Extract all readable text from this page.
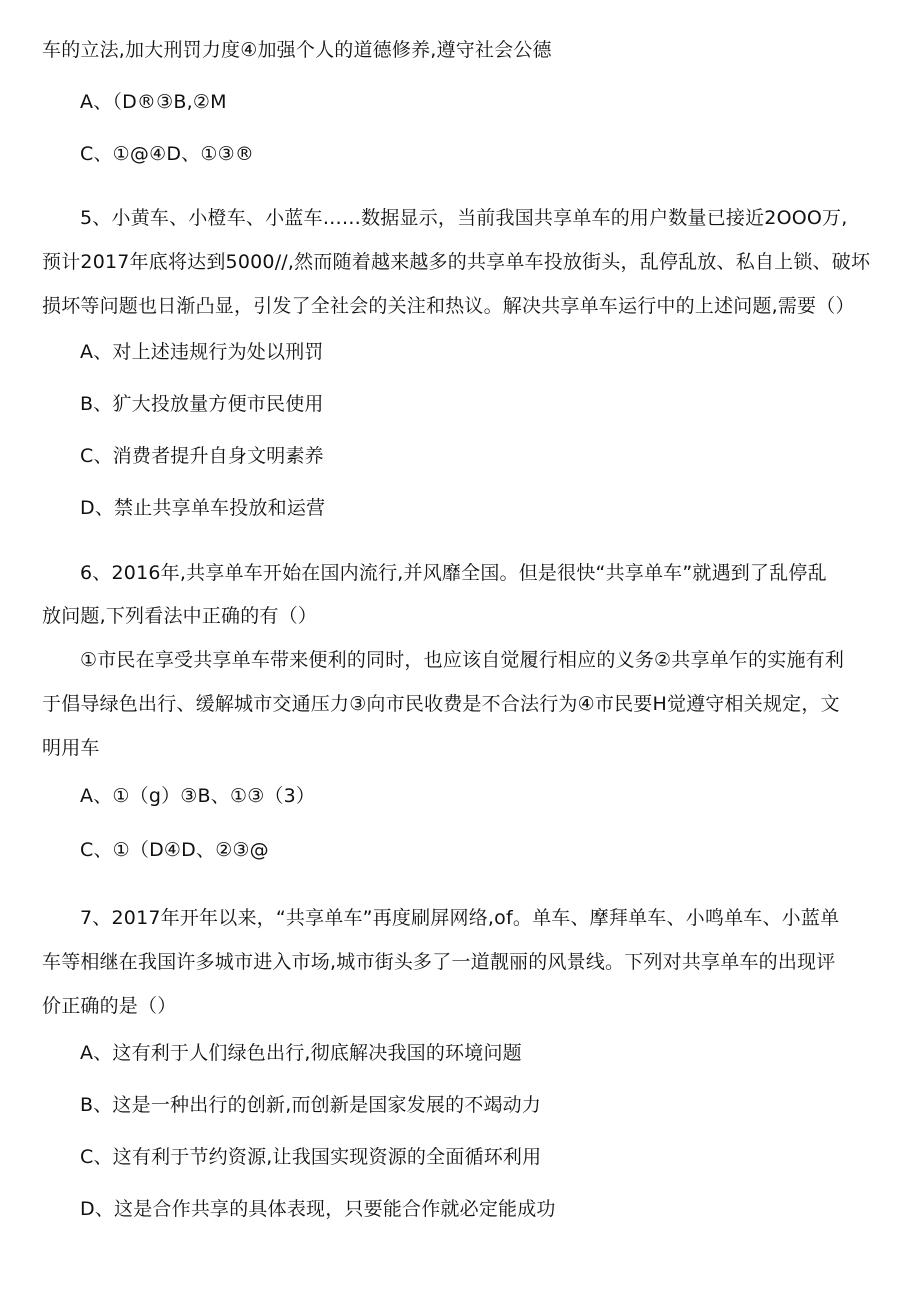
车的立法,加大刑罚力度④加强个人的道德修养,遵守社会公德
A、（D®③B,②M
C、①@④D、①③®
5、小黄车、小橙车、小蓝车……数据显示，当前我国共享单车的用户数量已接近2OOO万,
预计2017年底将达到5000//,然而随着越来越多的共享单车投放街头，乱停乱放、私自上锁、破坏
损坏等问题也日渐凸显，引发了全社会的关注和热议。解决共享单车运行中的上述问题,需要（）
A、对上述违规行为处以刑罚
B、犷大投放量方便市民使用
C、消费者提升自身文明素养
D、禁止共享单车投放和运营
6、2016年,共享单车开始在国内流行,并风靡全国。但是很快“共享单车”就遇到了乱停乱
放问题,下列看法中正确的有（）
①市民在享受共享单车带来便利的同时，也应该自觉履行相应的义务②共享单乍的实施有利
于倡导绿色出行、缓解城市交通压力③向市民收费是不合法行为④市民要H觉遵守相关规定，文
明用车
A、①（g）③B、①③（3）
C、①（D④D、②③@
7、2017年开年以来，“共享单车”再度刷屏网络,of。单车、摩拜单车、小鸣单车、小蓝单
车等相继在我国许多城市进入市场,城市街头多了一道靓丽的风景线。下列对共享单车的出现评
价正确的是（）
A、这有利于人们绿色出行,彻底解决我国的环境问题
B、这是一种出行的创新,而创新是国家发展的不竭动力
C、这有利于节约资源,让我国实现资源的全面循环利用
D、这是合作共享的具体表现，只要能合作就必定能成功
